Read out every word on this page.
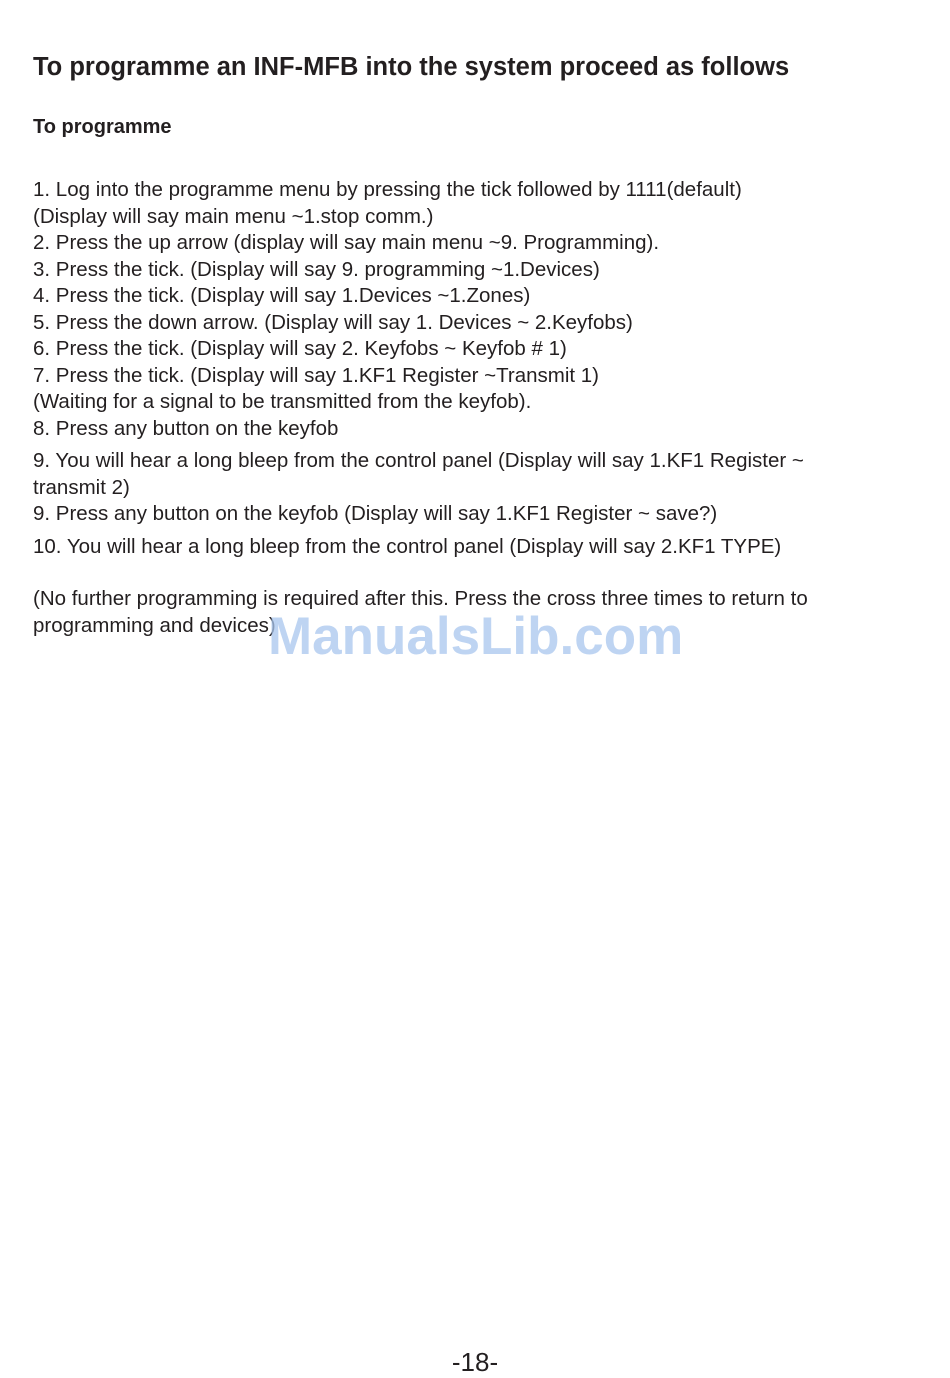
To programme an INF-MFB into the system proceed as follows
To programme
1. Log into the programme menu by pressing the tick followed by 1111(default)
(Display will say main menu ~1.stop comm.)
2. Press the up arrow (display will say main menu ~9. Programming).
3. Press the tick. (Display will say 9. programming ~1.Devices)
4. Press the tick. (Display will say 1.Devices ~1.Zones)
5. Press the down arrow. (Display will say 1. Devices ~ 2.Keyfobs)
6. Press the tick. (Display will say 2. Keyfobs ~ Keyfob # 1)
7. Press the tick. (Display will say 1.KF1 Register ~Transmit 1)
(Waiting for a signal to be transmitted from the keyfob).
8. Press any button on the keyfob
9. You will hear a long bleep from the control panel (Display will say 1.KF1 Register ~
transmit 2)
9. Press any button on the keyfob (Display will say 1.KF1 Register ~ save?)
10. You will hear a long bleep from the control panel (Display will say 2.KF1 TYPE)
(No further programming is required after this. Press the cross three times to return to
programming and devices)
ManualsLib.com
-18-
